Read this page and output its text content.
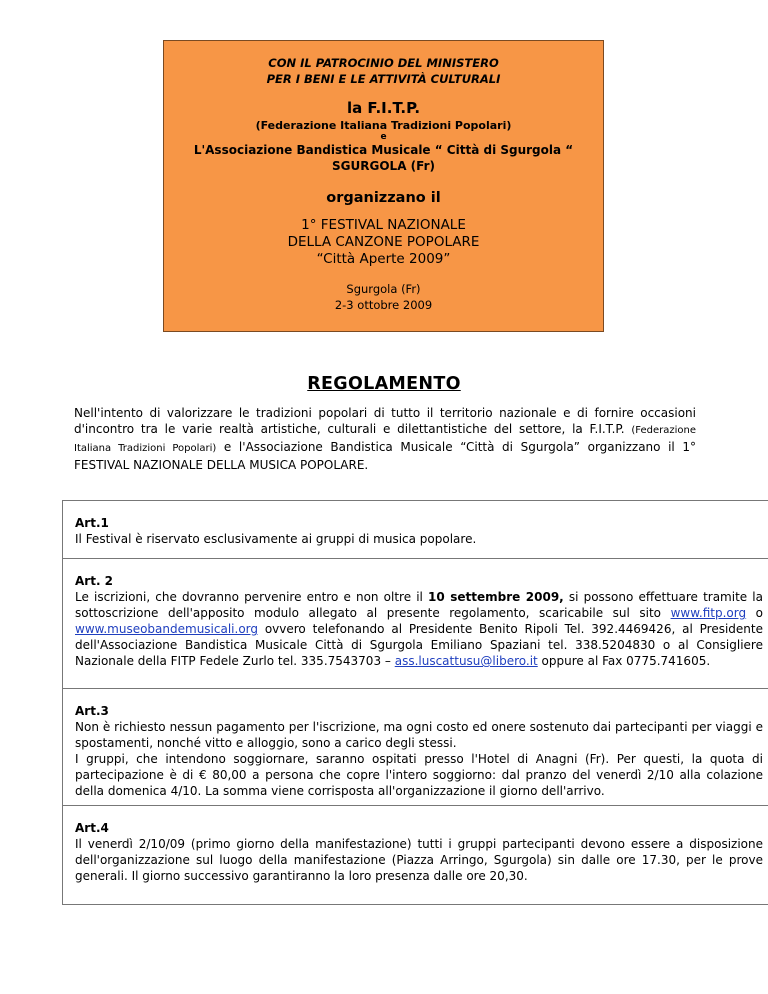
CON IL PATROCINIO DEL MINISTERO
PER I BENI E LE ATTIVITÀ CULTURALI
la F.I.T.P.
(Federazione Italiana Tradizioni Popolari)
e
L'Associazione Bandistica Musicale “ Città di Sgurgola “
SGURGOLA (Fr)
organizzano il
1° FESTIVAL NAZIONALE
DELLA CANZONE POPOLARE
“Città Aperte 2009”
Sgurgola (Fr)
2-3 ottobre 2009
REGOLAMENTO
Nell'intento di valorizzare le tradizioni popolari di tutto il territorio nazionale e di fornire occasioni d'incontro tra le varie realtà artistiche, culturali e dilettantistiche del settore, la F.I.T.P. (Federazione Italiana Tradizioni Popolari) e l'Associazione Bandistica Musicale “Città di Sgurgola” organizzano il 1° FESTIVAL NAZIONALE DELLA MUSICA POPOLARE.
Art.1
Il Festival è riservato esclusivamente ai gruppi di musica popolare.
Art. 2
Le iscrizioni, che dovranno pervenire entro e non oltre il 10 settembre 2009, si possono effettuare tramite la sottoscrizione dell'apposito modulo allegato al presente regolamento, scaricabile sul sito www.fitp.org o www.museobandemusicali.org ovvero telefonando al Presidente Benito Ripoli Tel. 392.4469426, al Presidente dell'Associazione Bandistica Musicale Città di Sgurgola Emiliano Spaziani tel. 338.5204830 o al Consigliere Nazionale della FITP Fedele Zurlo tel. 335.7543703 – ass.luscattusu@libero.it oppure al Fax 0775.741605.
Art.3
Non è richiesto nessun pagamento per l'iscrizione, ma ogni costo ed onere sostenuto dai partecipanti per viaggi e spostamenti, nonché vitto e alloggio, sono a carico degli stessi.
I gruppi, che intendono soggiornare, saranno ospitati presso l'Hotel di Anagni (Fr). Per questi, la quota di partecipazione è di € 80,00 a persona che copre l'intero soggiorno: dal pranzo del venerdì 2/10 alla colazione della domenica 4/10. La somma viene corrisposta all'organizzazione il giorno dell'arrivo.
Art.4
Il venerdì 2/10/09 (primo giorno della manifestazione) tutti i gruppi partecipanti devono essere a disposizione dell'organizzazione sul luogo della manifestazione (Piazza Arringo, Sgurgola) sin dalle ore 17.30, per le prove generali. Il giorno successivo garantiranno la loro presenza dalle ore 20,30.
